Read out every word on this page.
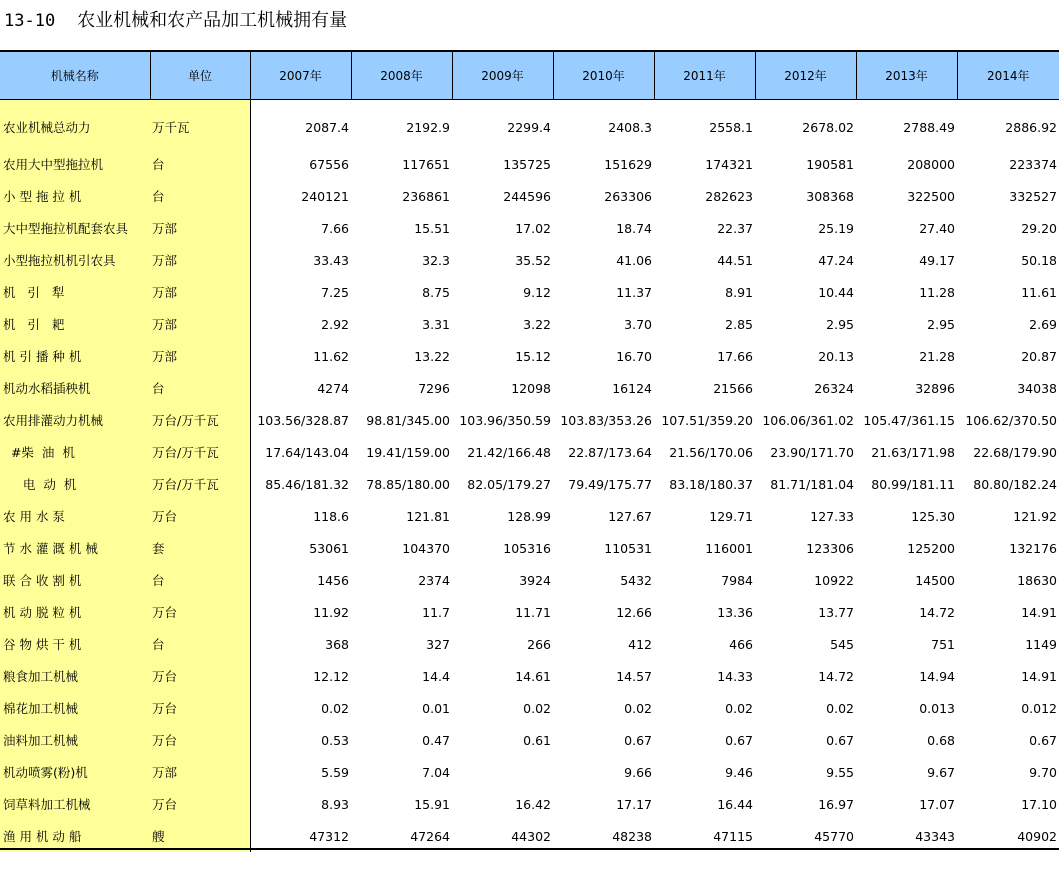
13-10 农业机械和农产品加工机械拥有量
机械名称	单位	2007年	2008年	2009年	2010年	2011年	2012年	2013年	2014年
农业机械总动力	万千瓦	2087.4	2192.9	2299.4	2408.3	2558.1	2678.02	2788.49	2886.92
农用大中型拖拉机	台	67556	117651	135725	151629	174321	190581	208000	223374
小 型 拖 拉 机	台	240121	236861	244596	263306	282623	308368	322500	332527
大中型拖拉机配套农具	万部	7.66	15.51	17.02	18.74	22.37	25.19	27.40	29.20
小型拖拉机机引农具	万部	33.43	32.3	35.52	41.06	44.51	47.24	49.17	50.18
机   引   犁	万部	7.25	8.75	9.12	11.37	8.91	10.44	11.28	11.61
机   引   耙	万部	2.92	3.31	3.22	3.70	2.85	2.95	2.95	2.69
机 引 播 种 机	万部	11.62	13.22	15.12	16.70	17.66	20.13	21.28	20.87
机动水稻插秧机	台	4274	7296	12098	16124	21566	26324	32896	34038
农用排灌动力机械	万台/万千瓦	103.56/328.87	98.81/345.00	103.96/350.59	103.83/353.26	107.51/359.20	106.06/361.02	105.47/361.15	106.62/370.50
#柴  油  机	万台/万千瓦	17.64/143.04	19.41/159.00	21.42/166.48	22.87/173.64	21.56/170.06	23.90/171.70	21.63/171.98	22.68/179.90
电  动  机	万台/万千瓦	85.46/181.32	78.85/180.00	82.05/179.27	79.49/175.77	83.18/180.37	81.71/181.04	80.99/181.11	80.80/182.24
农 用 水 泵	万台	118.6	121.81	128.99	127.67	129.71	127.33	125.30	121.92
节 水 灌 溉 机 械	套	53061	104370	105316	110531	116001	123306	125200	132176
联 合 收 割 机	台	1456	2374	3924	5432	7984	10922	14500	18630
机 动 脱 粒 机	万台	11.92	11.7	11.71	12.66	13.36	13.77	14.72	14.91
谷 物 烘 干 机	台	368	327	266	412	466	545	751	1149
粮食加工机械	万台	12.12	14.4	14.61	14.57	14.33	14.72	14.94	14.91
棉花加工机械	万台	0.02	0.01	0.02	0.02	0.02	0.02	0.013	0.012
油料加工机械	万台	0.53	0.47	0.61	0.67	0.67	0.67	0.68	0.67
机动喷雾(粉)机	万部	5.59	7.04		9.66	9.46	9.55	9.67	9.70
饲草料加工机械	万台	8.93	15.91	16.42	17.17	16.44	16.97	17.07	17.10
渔 用 机 动 船	艘	47312	47264	44302	48238	47115	45770	43343	40902
